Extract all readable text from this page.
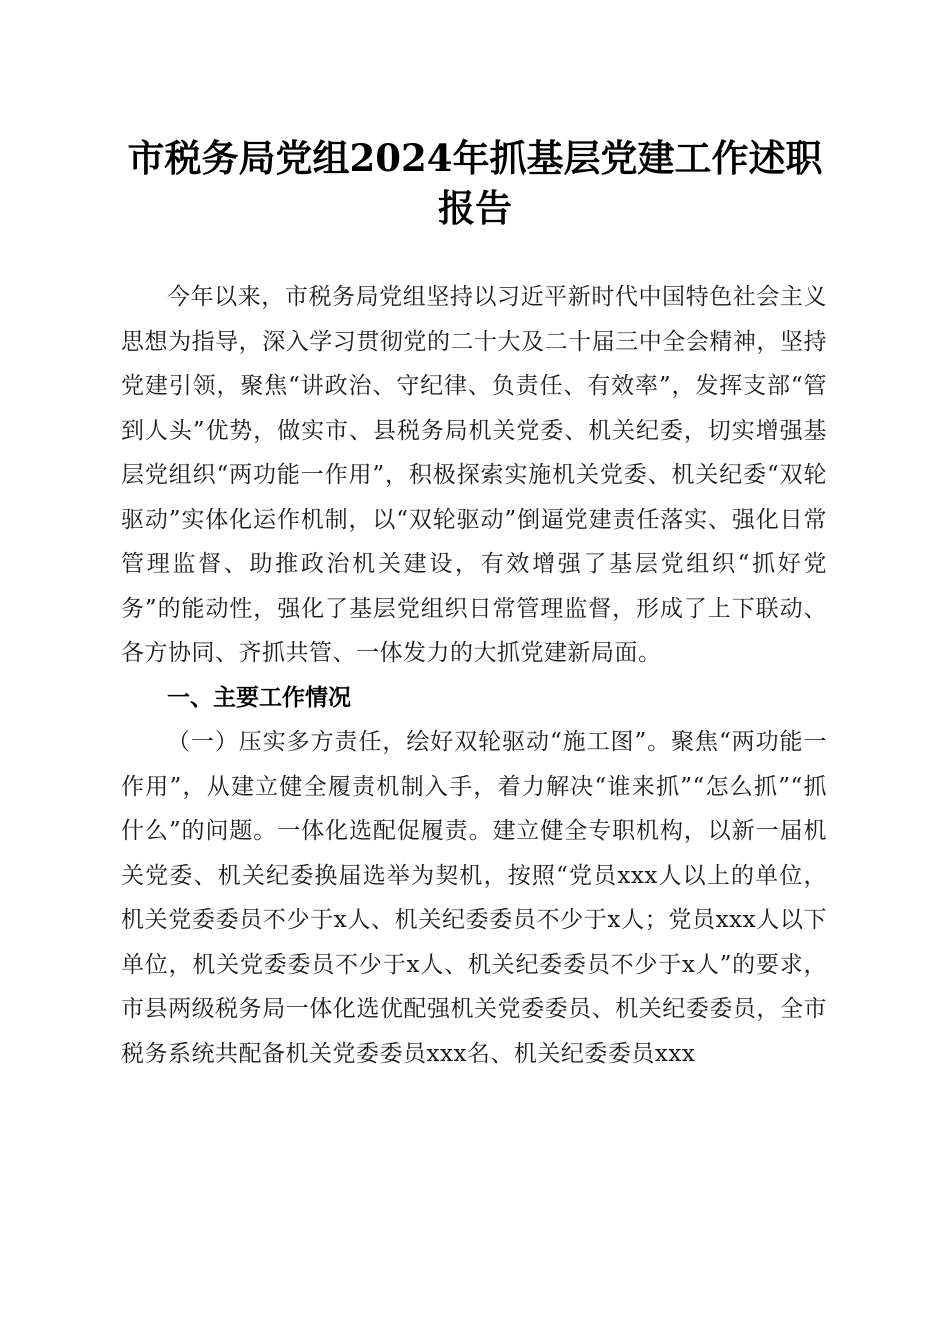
市税务局党组2024年抓基层党建工作述职报告

今年以来，市税务局党组坚持以习近平新时代中国特色社会主义思想为指导，深入学习贯彻党的二十大及二十届三中全会精神，坚持党建引领，聚焦“讲政治、守纪律、负责任、有效率”，发挥支部“管到人头”优势，做实市、县税务局机关党委、机关纪委，切实增强基层党组织“两功能一作用”，积极探索实施机关党委、机关纪委“双轮驱动”实体化运作机制，以“双轮驱动”倒逼党建责任落实、强化日常管理监督、助推政治机关建设，有效增强了基层党组织“抓好党务”的能动性，强化了基层党组织日常管理监督，形成了上下联动、各方协同、齐抓共管、一体发力的大抓党建新局面。

一、主要工作情况

（一）压实多方责任，绘好双轮驱动“施工图”。聚焦“两功能一作用”，从建立健全履责机制入手，着力解决“谁来抓”“怎么抓”“抓什么”的问题。一体化选配促履责。建立健全专职机构，以新一届机关党委、机关纪委换届选举为契机，按照“党员xxx人以上的单位，机关党委委员不少于x人、机关纪委委员不少于x人；党员xxx人以下单位，机关党委委员不少于x人、机关纪委委员不少于x人”的要求，市县两级税务局一体化选优配强机关党委委员、机关纪委委员，全市税务系统共配备机关党委委员xxx名、机关纪委委员xxx
